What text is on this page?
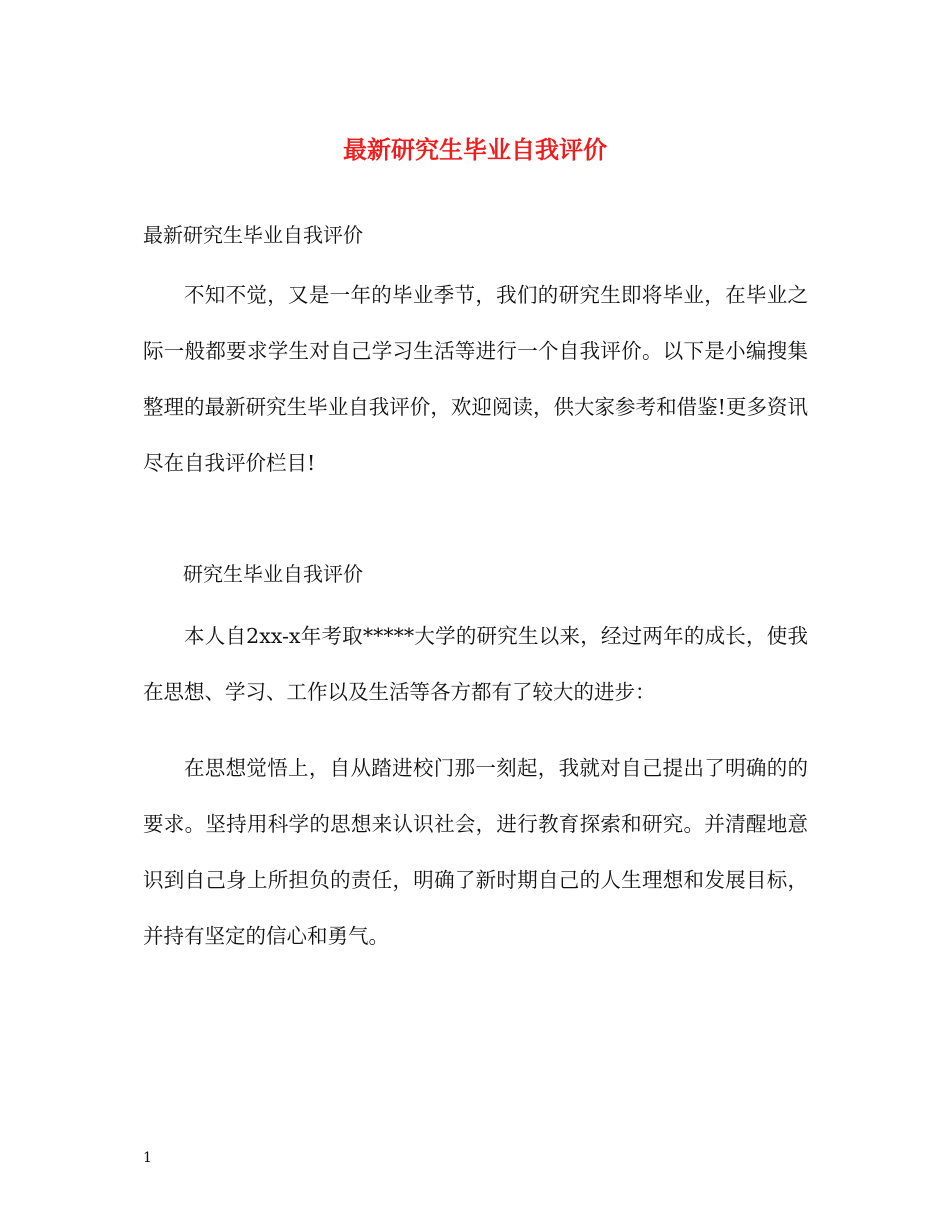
最新研究生毕业自我评价

最新研究生毕业自我评价

不知不觉，又是一年的毕业季节，我们的研究生即将毕业，在毕业之际一般都要求学生对自己学习生活等进行一个自我评价。以下是小编搜集整理的最新研究生毕业自我评价，欢迎阅读，供大家参考和借鉴!更多资讯尽在自我评价栏目!

研究生毕业自我评价

本人自2xx-x年考取*****大学的研究生以来，经过两年的成长，使我在思想、学习、工作以及生活等各方都有了较大的进步：

在思想觉悟上，自从踏进校门那一刻起，我就对自己提出了明确的的要求。坚持用科学的思想来认识社会，进行教育探索和研究。并清醒地意识到自己身上所担负的责任，明确了新时期自己的人生理想和发展目标，并持有坚定的信心和勇气。

1
